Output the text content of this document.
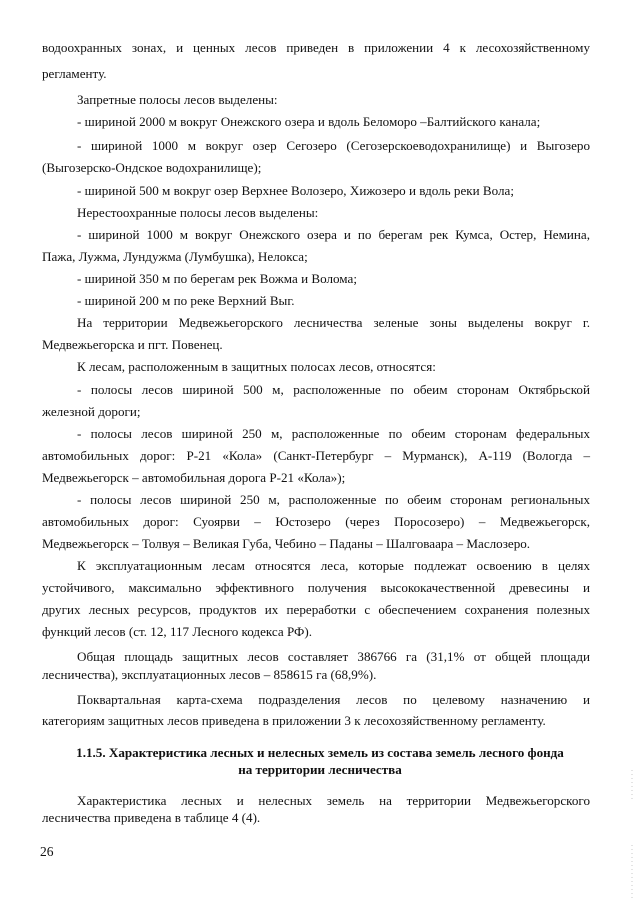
водоохранных зонах, и ценных лесов приведен в приложении 4 к лесохозяйственному
регламенту.
Запретные полосы лесов выделены:
- шириной 2000 м вокруг Онежского озера и вдоль Беломоро –Балтийского канала;
- шириной 1000 м вокруг озер Сегозеро (Сегозерскоеводохранилище) и Выгозеро
(Выгозерско-Ондское водохранилище);
- шириной 500 м вокруг озер Верхнее Волозеро, Хижозеро и вдоль реки Вола;
Нерестоохранные полосы лесов выделены:
- шириной 1000 м вокруг Онежского озера и по берегам рек Кумса, Остер, Немина,
Пажа, Лужма, Лундужма (Лумбушка), Нелокса;
- шириной 350 м по берегам рек Вожма и Волома;
- шириной 200 м по реке Верхний Выг.
На территории Медвежьегорского лесничества зеленые зоны выделены вокруг г.
Медвежьегорска и пгт. Повенец.
К лесам, расположенным в защитных полосах лесов, относятся:
- полосы лесов шириной 500 м, расположенные по обеим сторонам Октябрьской
железной дороги;
- полосы лесов шириной 250 м, расположенные по обеим сторонам федеральных
автомобильных дорог: Р-21 «Кола» (Санкт-Петербург – Мурманск), А-119 (Вологда –
Медвежьегорск – автомобильная дорога Р-21 «Кола»);
- полосы лесов шириной 250 м, расположенные по обеим сторонам региональных
автомобильных дорог: Суоярви – Юстозеро (через Поросозеро) – Медвежьегорск,
Медвежьегорск – Толвуя – Великая Губа, Чебино – Паданы – Шалговаара – Маслозеро.
К эксплуатационным лесам относятся леса, которые подлежат освоению в целях
устойчивого, максимально эффективного получения высококачественной древесины и
других лесных ресурсов, продуктов их переработки с обеспечением сохранения полезных
функций лесов (ст. 12, 117 Лесного кодекса РФ).
Общая площадь защитных лесов составляет 386766 га (31,1% от общей площади
лесничества), эксплуатационных лесов – 858615 га (68,9%).
Поквартальная карта-схема подразделения лесов по целевому назначению и
категориям защитных лесов приведена в приложении 3 к лесохозяйственному регламенту.
1.1.5. Характеристика лесных и нелесных земель из состава земель лесного фонда
на территории лесничества
Характеристика лесных и нелесных земель на территории Медвежьегорского
лесничества приведена в таблице 4 (4).
26
